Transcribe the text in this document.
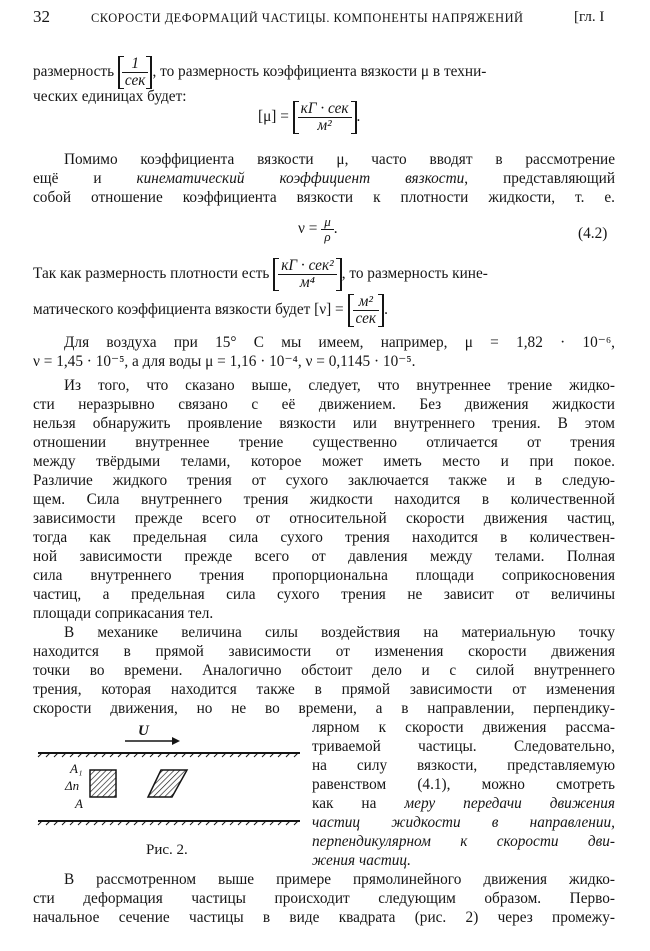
32	СКОРОСТИ ДЕФОРМАЦИЙ ЧАСТИЦЫ. КОМПОНЕНТЫ НАПРЯЖЕНИЙ	[гл. I
размерность $\frac{1}{\text{сек}}$ , то размерность коэффициента вязкости μ в техни-
ческих единицах будет:
$[\mu] = \frac{\text{кГ · сек}}{\text{м²}}$ .
Помимо коэффициента вязкости μ, часто вводят в рассмотрение
ещё и кинематический коэффициент вязкости, представляющий
собой отношение коэффициента вязкости к плотности жидкости, т. е.
$\nu = \frac{\mu}{\rho}$ .	(4.2)
Так как размерность плотности есть $\frac{\text{кГ · сек²}}{\text{м⁴}}$ , то размерность кине-
матического коэффициента вязкости будет $[\nu] = \frac{\text{м²}}{\text{сек}}$ .
Для воздуха при 15° С мы имеем, например, μ = 1,82 · 10⁻⁶,
ν = 1,45 · 10⁻⁵, а для воды μ = 1,16 · 10⁻⁴, ν = 0,1145 · 10⁻⁵.
Из того, что сказано выше, следует, что внутреннее трение жидко-
сти неразрывно связано с её движением. Без движения жидкости
нельзя обнаружить проявление вязкости или внутреннего трения. В этом
отношении внутреннее трение существенно отличается от трения
между твёрдыми телами, которое может иметь место и при покое.
Различие жидкого трения от сухого заключается также и в следую-
щем. Сила внутреннего трения жидкости находится в количественной
зависимости прежде всего от относительной скорости движения частиц,
тогда как предельная сила сухого трения находится в количествен-
ной зависимости прежде всего от давления между телами. Полная
сила внутреннего трения пропорциональна площади соприкосновения
частиц, а предельная сила сухого трения не зависит от величины
площади соприкасания тел.
В механике величина силы воздействия на материальную точку
находится в прямой зависимости от изменения скорости движения
точки во времени. Аналогично обстоит дело и с силой внутреннего
трения, которая находится также в прямой зависимости от изменения
скорости движения, но не во времени, а в направлении, перпендику-
лярном к скорости движения рассма-
триваемой частицы. Следовательно,
на силу вязкости, представляемую
равенством (4.1), можно смотреть
как на меру передачи движения
частиц жидкости в направлении,
перпендикулярном к скорости дви-
жения частиц.
U
A₁
Δn
A
Рис. 2.
В рассмотренном выше примере прямолинейного движения жидко-
сти деформация частицы происходит следующим образом. Перво-
начальное сечение частицы в виде квадрата (рис. 2) через промежу-
